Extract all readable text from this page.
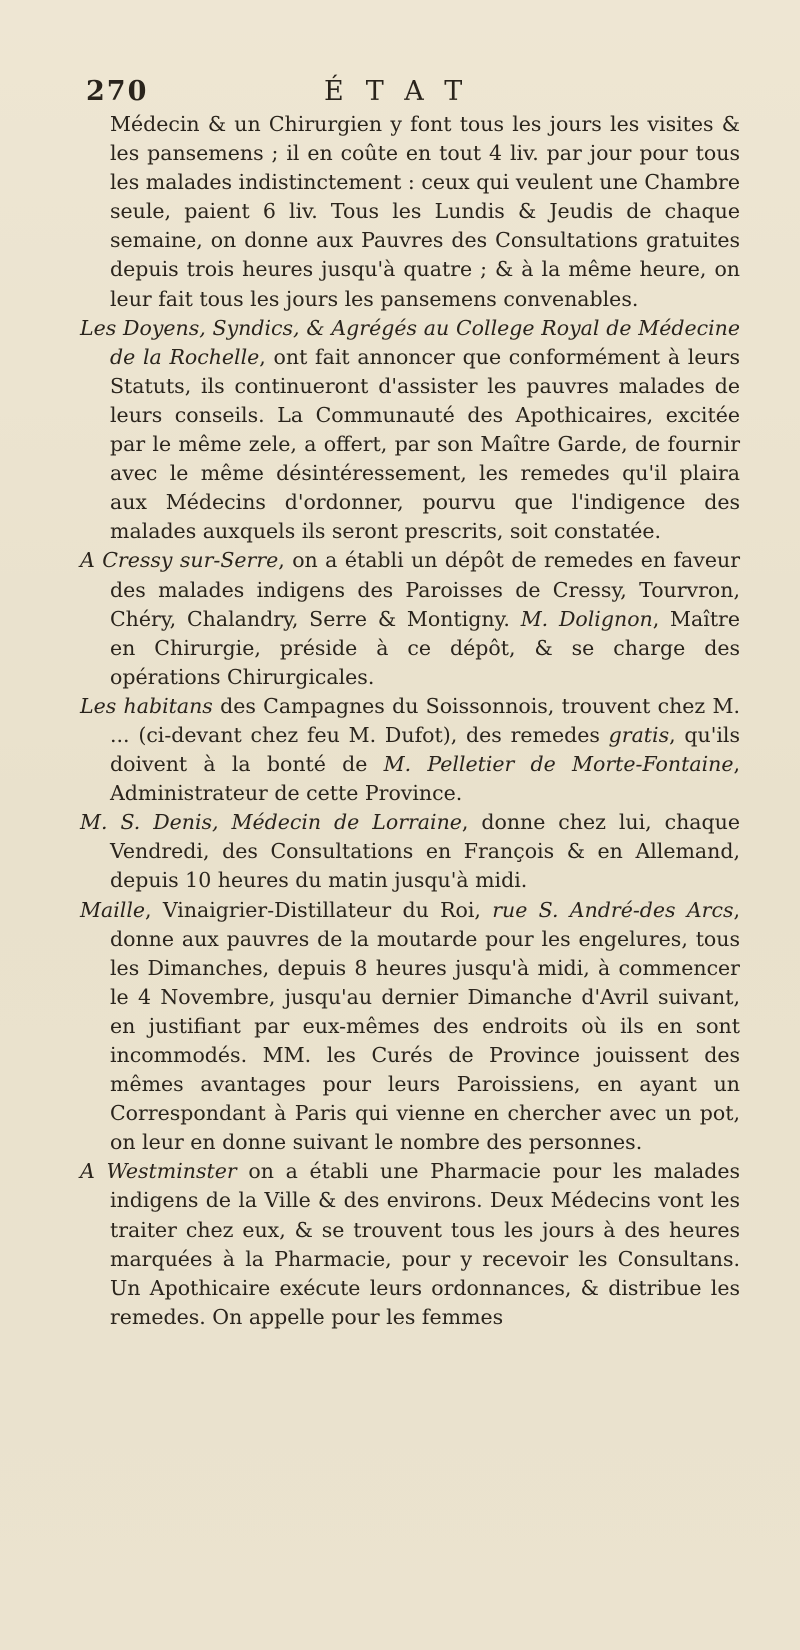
270	ÉTAT

Médecin & un Chirurgien y font tous les jours les visites & les pansemens ; il en coûte en tout 4 liv. par jour pour tous les malades indistinctement : ceux qui veulent une Chambre seule, paient 6 liv. Tous les Lundis & Jeudis de chaque semaine, on donne aux Pauvres des Consultations gratuites depuis trois heures jusqu'à quatre ; & à la même heure, on leur fait tous les jours les pansemens convenables.

Les Doyens, Syndics, & Agrégés au College Royal de Médecine de la Rochelle, ont fait annoncer que conformément à leurs Statuts, ils continueront d'assister les pauvres malades de leurs conseils. La Communauté des Apothicaires, excitée par le même zele, a offert, par son Maître Garde, de fournir avec le même désintéressement, les remedes qu'il plaira aux Médecins d'ordonner, pourvu que l'indigence des malades auxquels ils seront prescrits, soit constatée.

A Cressy sur-Serre, on a établi un dépôt de remedes en faveur des malades indigens des Paroisses de Cressy, Tourvron, Chéry, Chalandry, Serre & Montigny. M. Dolignon, Maître en Chirurgie, préside à ce dépôt, & se charge des opérations Chirurgicales.

Les habitans des Campagnes du Soissonnois, trouvent chez M. ... (ci-devant chez feu M. Dufot), des remedes gratis, qu'ils doivent à la bonté de M. Pelletier de Morte-Fontaine, Administrateur de cette Province.

M. S. Denis, Médecin de Lorraine, donne chez lui, chaque Vendredi, des Consultations en François & en Allemand, depuis 10 heures du matin jusqu'à midi.

Maille, Vinaigrier-Distillateur du Roi, rue S. André-des Arcs, donne aux pauvres de la moutarde pour les engelures, tous les Dimanches, depuis 8 heures jusqu'à midi, à commencer le 4 Novembre, jusqu'au dernier Dimanche d'Avril suivant, en justifiant par eux-mêmes des endroits où ils en sont incommodés. MM. les Curés de Province jouissent des mêmes avantages pour leurs Paroissiens, en ayant un Correspondant à Paris qui vienne en chercher avec un pot, on leur en donne suivant le nombre des personnes.

A Westminster on a établi une Pharmacie pour les malades indigens de la Ville & des environs. Deux Médecins vont les traiter chez eux, & se trouvent tous les jours à des heures marquées à la Pharmacie, pour y recevoir les Consultans. Un Apothicaire exécute leurs ordonnances, & distribue les remedes. On appelle pour les femmes
